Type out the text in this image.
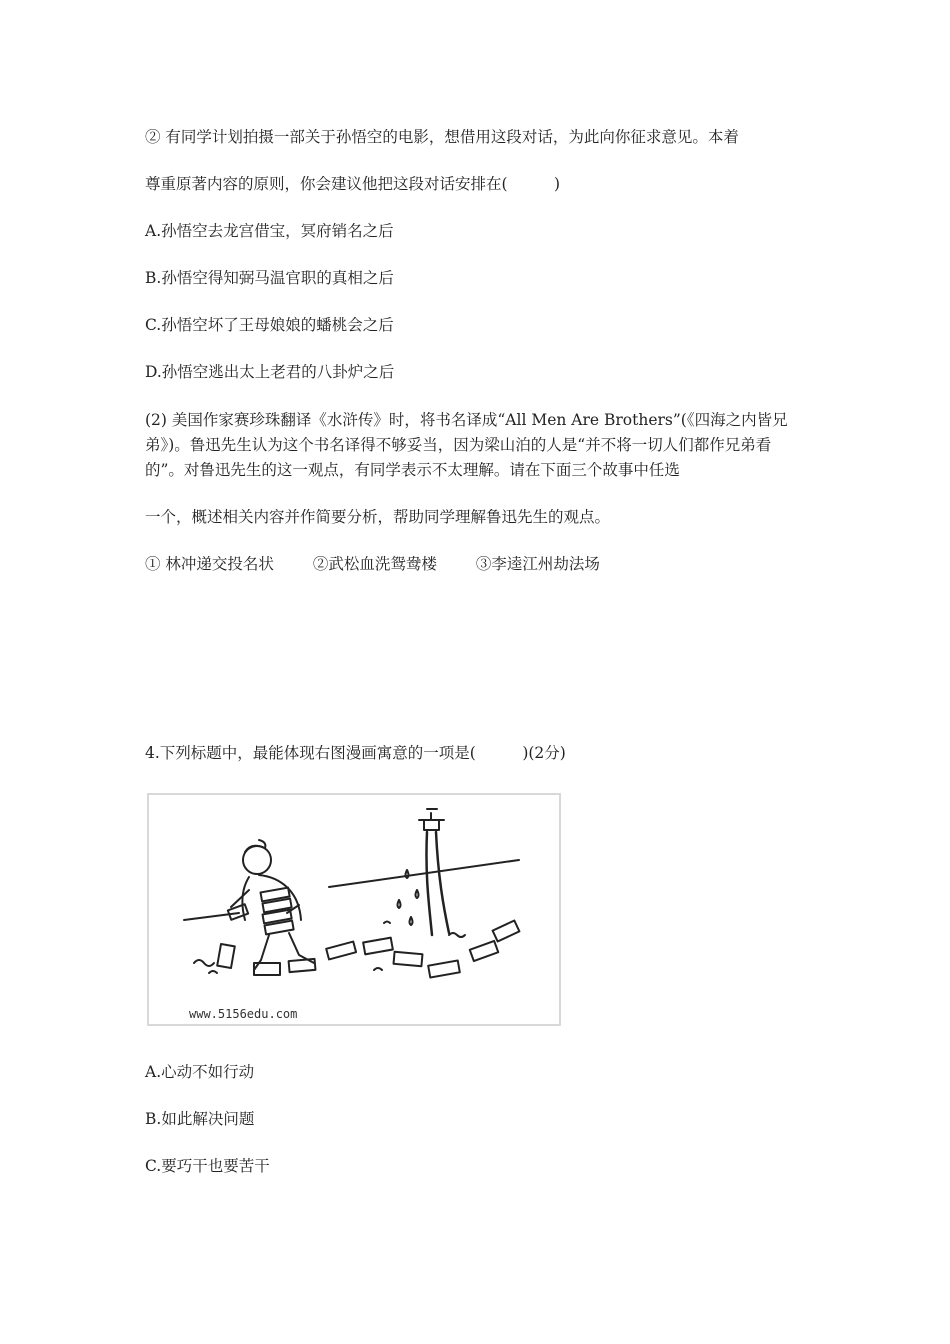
② 有同学计划拍摄一部关于孙悟空的电影，想借用这段对话，为此向你征求意见。本着
尊重原著内容的原则，你会建议他把这段对话安排在(　　　)
A.孙悟空去龙宫借宝，冥府销名之后
B.孙悟空得知弼马温官职的真相之后
C.孙悟空坏了王母娘娘的蟠桃会之后
D.孙悟空逃出太上老君的八卦炉之后
(2) 美国作家赛珍珠翻译《水浒传》时，将书名译成“All Men Are Brothers”(《四海之内皆兄弟》)。鲁迅先生认为这个书名译得不够妥当，因为梁山泊的人是“并不将一切人们都作兄弟看的”。对鲁迅先生的这一观点，有同学表示不太理解。请在下面三个故事中任选
一个，概述相关内容并作简要分析，帮助同学理解鲁迅先生的观点。
① 林冲递交投名状	②武松血洗鸳鸯楼	③李逵江州劫法场
4.下列标题中，最能体现右图漫画寓意的一项是(　　　)(2分)
www.5156edu.com
A.心动不如行动
B.如此解决问题
C.要巧干也要苦干
